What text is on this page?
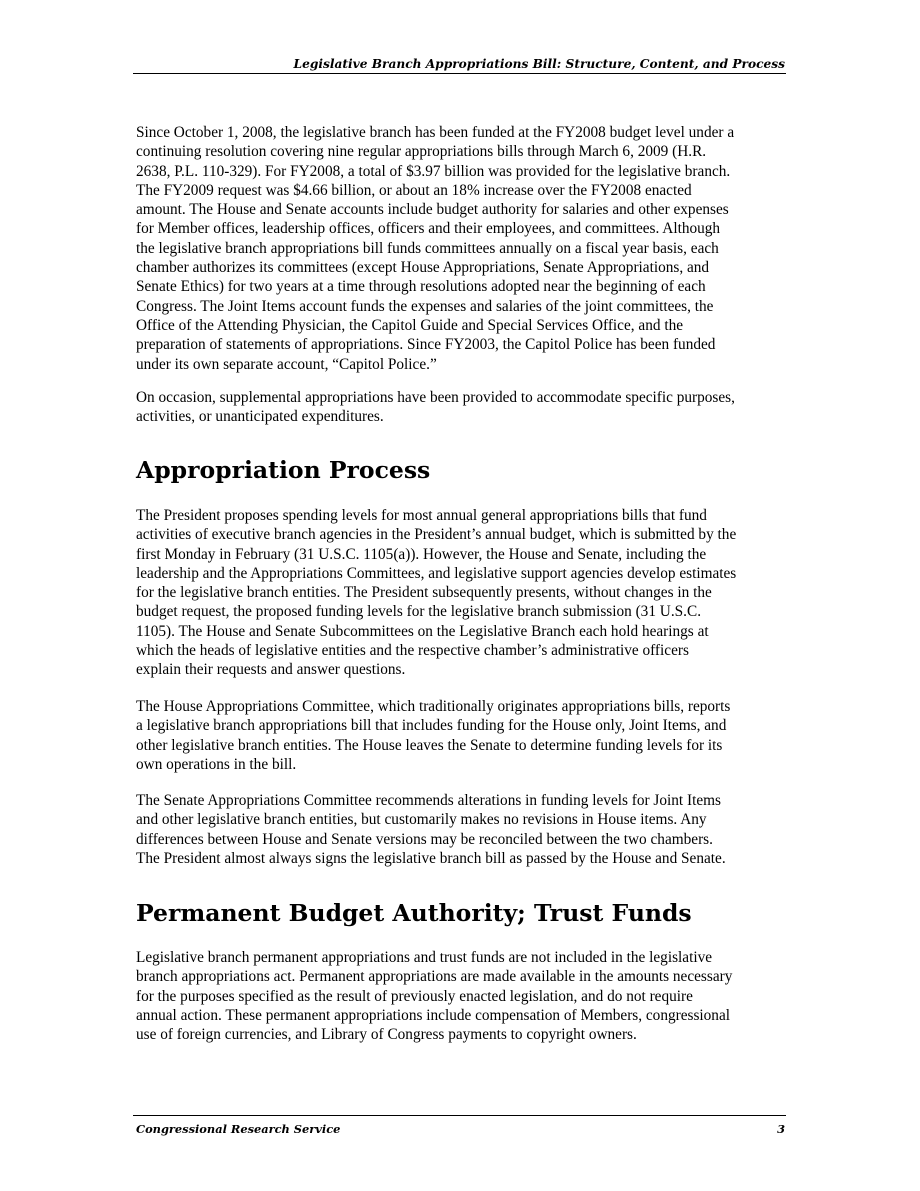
Legislative Branch Appropriations Bill: Structure, Content, and Process

Since October 1, 2008, the legislative branch has been funded at the FY2008 budget level under a
continuing resolution covering nine regular appropriations bills through March 6, 2009 (H.R.
2638, P.L. 110-329). For FY2008, a total of $3.97 billion was provided for the legislative branch.
The FY2009 request was $4.66 billion, or about an 18% increase over the FY2008 enacted
amount. The House and Senate accounts include budget authority for salaries and other expenses
for Member offices, leadership offices, officers and their employees, and committees. Although
the legislative branch appropriations bill funds committees annually on a fiscal year basis, each
chamber authorizes its committees (except House Appropriations, Senate Appropriations, and
Senate Ethics) for two years at a time through resolutions adopted near the beginning of each
Congress. The Joint Items account funds the expenses and salaries of the joint committees, the
Office of the Attending Physician, the Capitol Guide and Special Services Office, and the
preparation of statements of appropriations. Since FY2003, the Capitol Police has been funded
under its own separate account, “Capitol Police.”

On occasion, supplemental appropriations have been provided to accommodate specific purposes,
activities, or unanticipated expenditures.

Appropriation Process

The President proposes spending levels for most annual general appropriations bills that fund
activities of executive branch agencies in the President’s annual budget, which is submitted by the
first Monday in February (31 U.S.C. 1105(a)). However, the House and Senate, including the
leadership and the Appropriations Committees, and legislative support agencies develop estimates
for the legislative branch entities. The President subsequently presents, without changes in the
budget request, the proposed funding levels for the legislative branch submission (31 U.S.C.
1105). The House and Senate Subcommittees on the Legislative Branch each hold hearings at
which the heads of legislative entities and the respective chamber’s administrative officers
explain their requests and answer questions.

The House Appropriations Committee, which traditionally originates appropriations bills, reports
a legislative branch appropriations bill that includes funding for the House only, Joint Items, and
other legislative branch entities. The House leaves the Senate to determine funding levels for its
own operations in the bill.

The Senate Appropriations Committee recommends alterations in funding levels for Joint Items
and other legislative branch entities, but customarily makes no revisions in House items. Any
differences between House and Senate versions may be reconciled between the two chambers.
The President almost always signs the legislative branch bill as passed by the House and Senate.

Permanent Budget Authority; Trust Funds

Legislative branch permanent appropriations and trust funds are not included in the legislative
branch appropriations act. Permanent appropriations are made available in the amounts necessary
for the purposes specified as the result of previously enacted legislation, and do not require
annual action. These permanent appropriations include compensation of Members, congressional
use of foreign currencies, and Library of Congress payments to copyright owners.

Congressional Research Service	3
